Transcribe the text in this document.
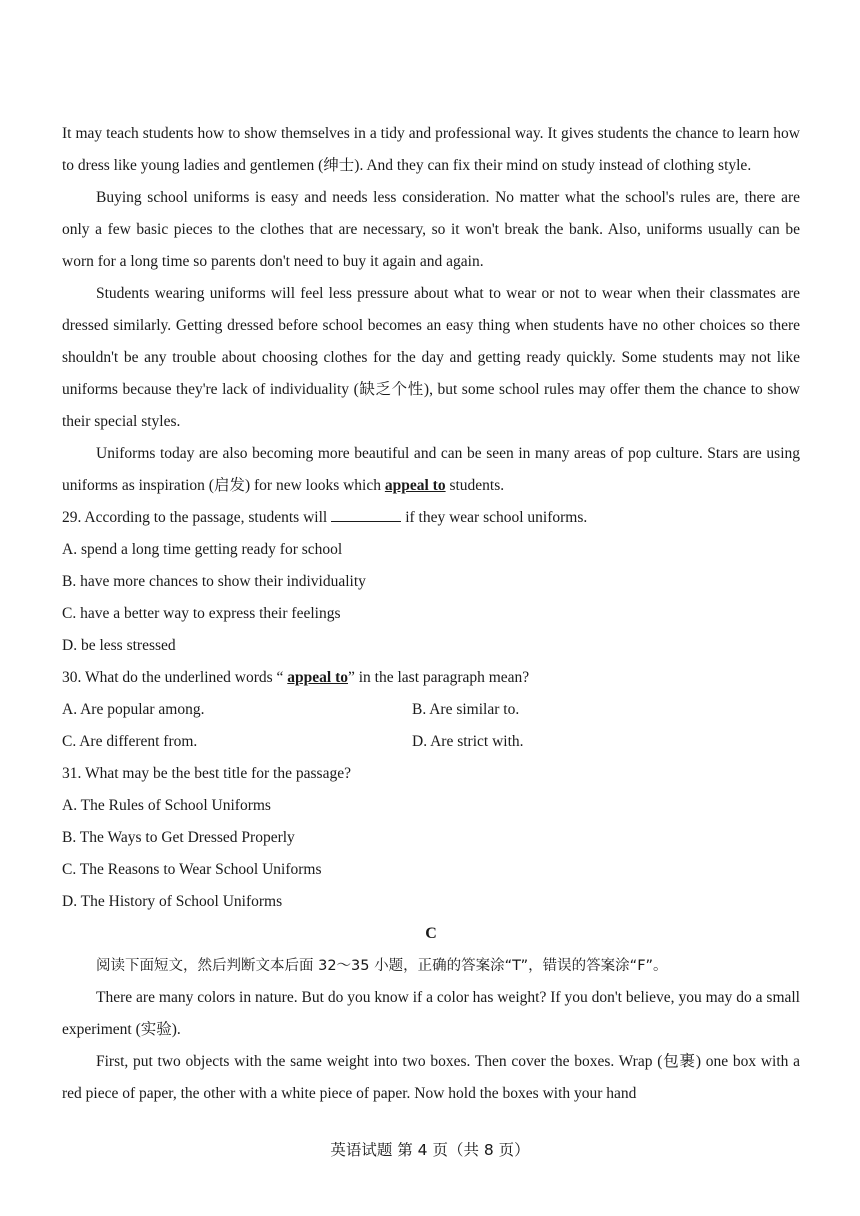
It may teach students how to show themselves in a tidy and professional way. It gives students the chance to learn how to dress like young ladies and gentlemen (绅士). And they can fix their mind on study instead of clothing style.

Buying school uniforms is easy and needs less consideration. No matter what the school's rules are, there are only a few basic pieces to the clothes that are necessary, so it won't break the bank. Also, uniforms usually can be worn for a long time so parents don't need to buy it again and again.

Students wearing uniforms will feel less pressure about what to wear or not to wear when their classmates are dressed similarly. Getting dressed before school becomes an easy thing when students have no other choices so there shouldn't be any trouble about choosing clothes for the day and getting ready quickly. Some students may not like uniforms because they're lack of individuality (缺乏个性), but some school rules may offer them the chance to show their special styles.

Uniforms today are also becoming more beautiful and can be seen in many areas of pop culture. Stars are using uniforms as inspiration (启发) for new looks which appeal to students.

29. According to the passage, students will	if they wear school uniforms.

A. spend a long time getting ready for school

B. have more chances to show their individuality

C. have a better way to express their feelings

D. be less stressed

30. What do the underlined words “ appeal to” in the last paragraph mean?

A. Are popular among.	B. Are similar to.
C. Are different from.	D. Are strict with.

31. What may be the best title for the passage?

A. The Rules of School Uniforms

B. The Ways to Get Dressed Properly

C. The Reasons to Wear School Uniforms

D. The History of School Uniforms

C

阅读下面短文，然后判断文本后面 32～35 小题，正确的答案涂“T”，错误的答案涂“F”。

There are many colors in nature. But do you know if a color has weight? If you don't believe, you may do a small experiment (实验).

First, put two objects with the same weight into two boxes. Then cover the boxes. Wrap (包裹) one box with a red piece of paper, the other with a white piece of paper. Now hold the boxes with your hand

英语试题 第 4 页（共 8 页）
